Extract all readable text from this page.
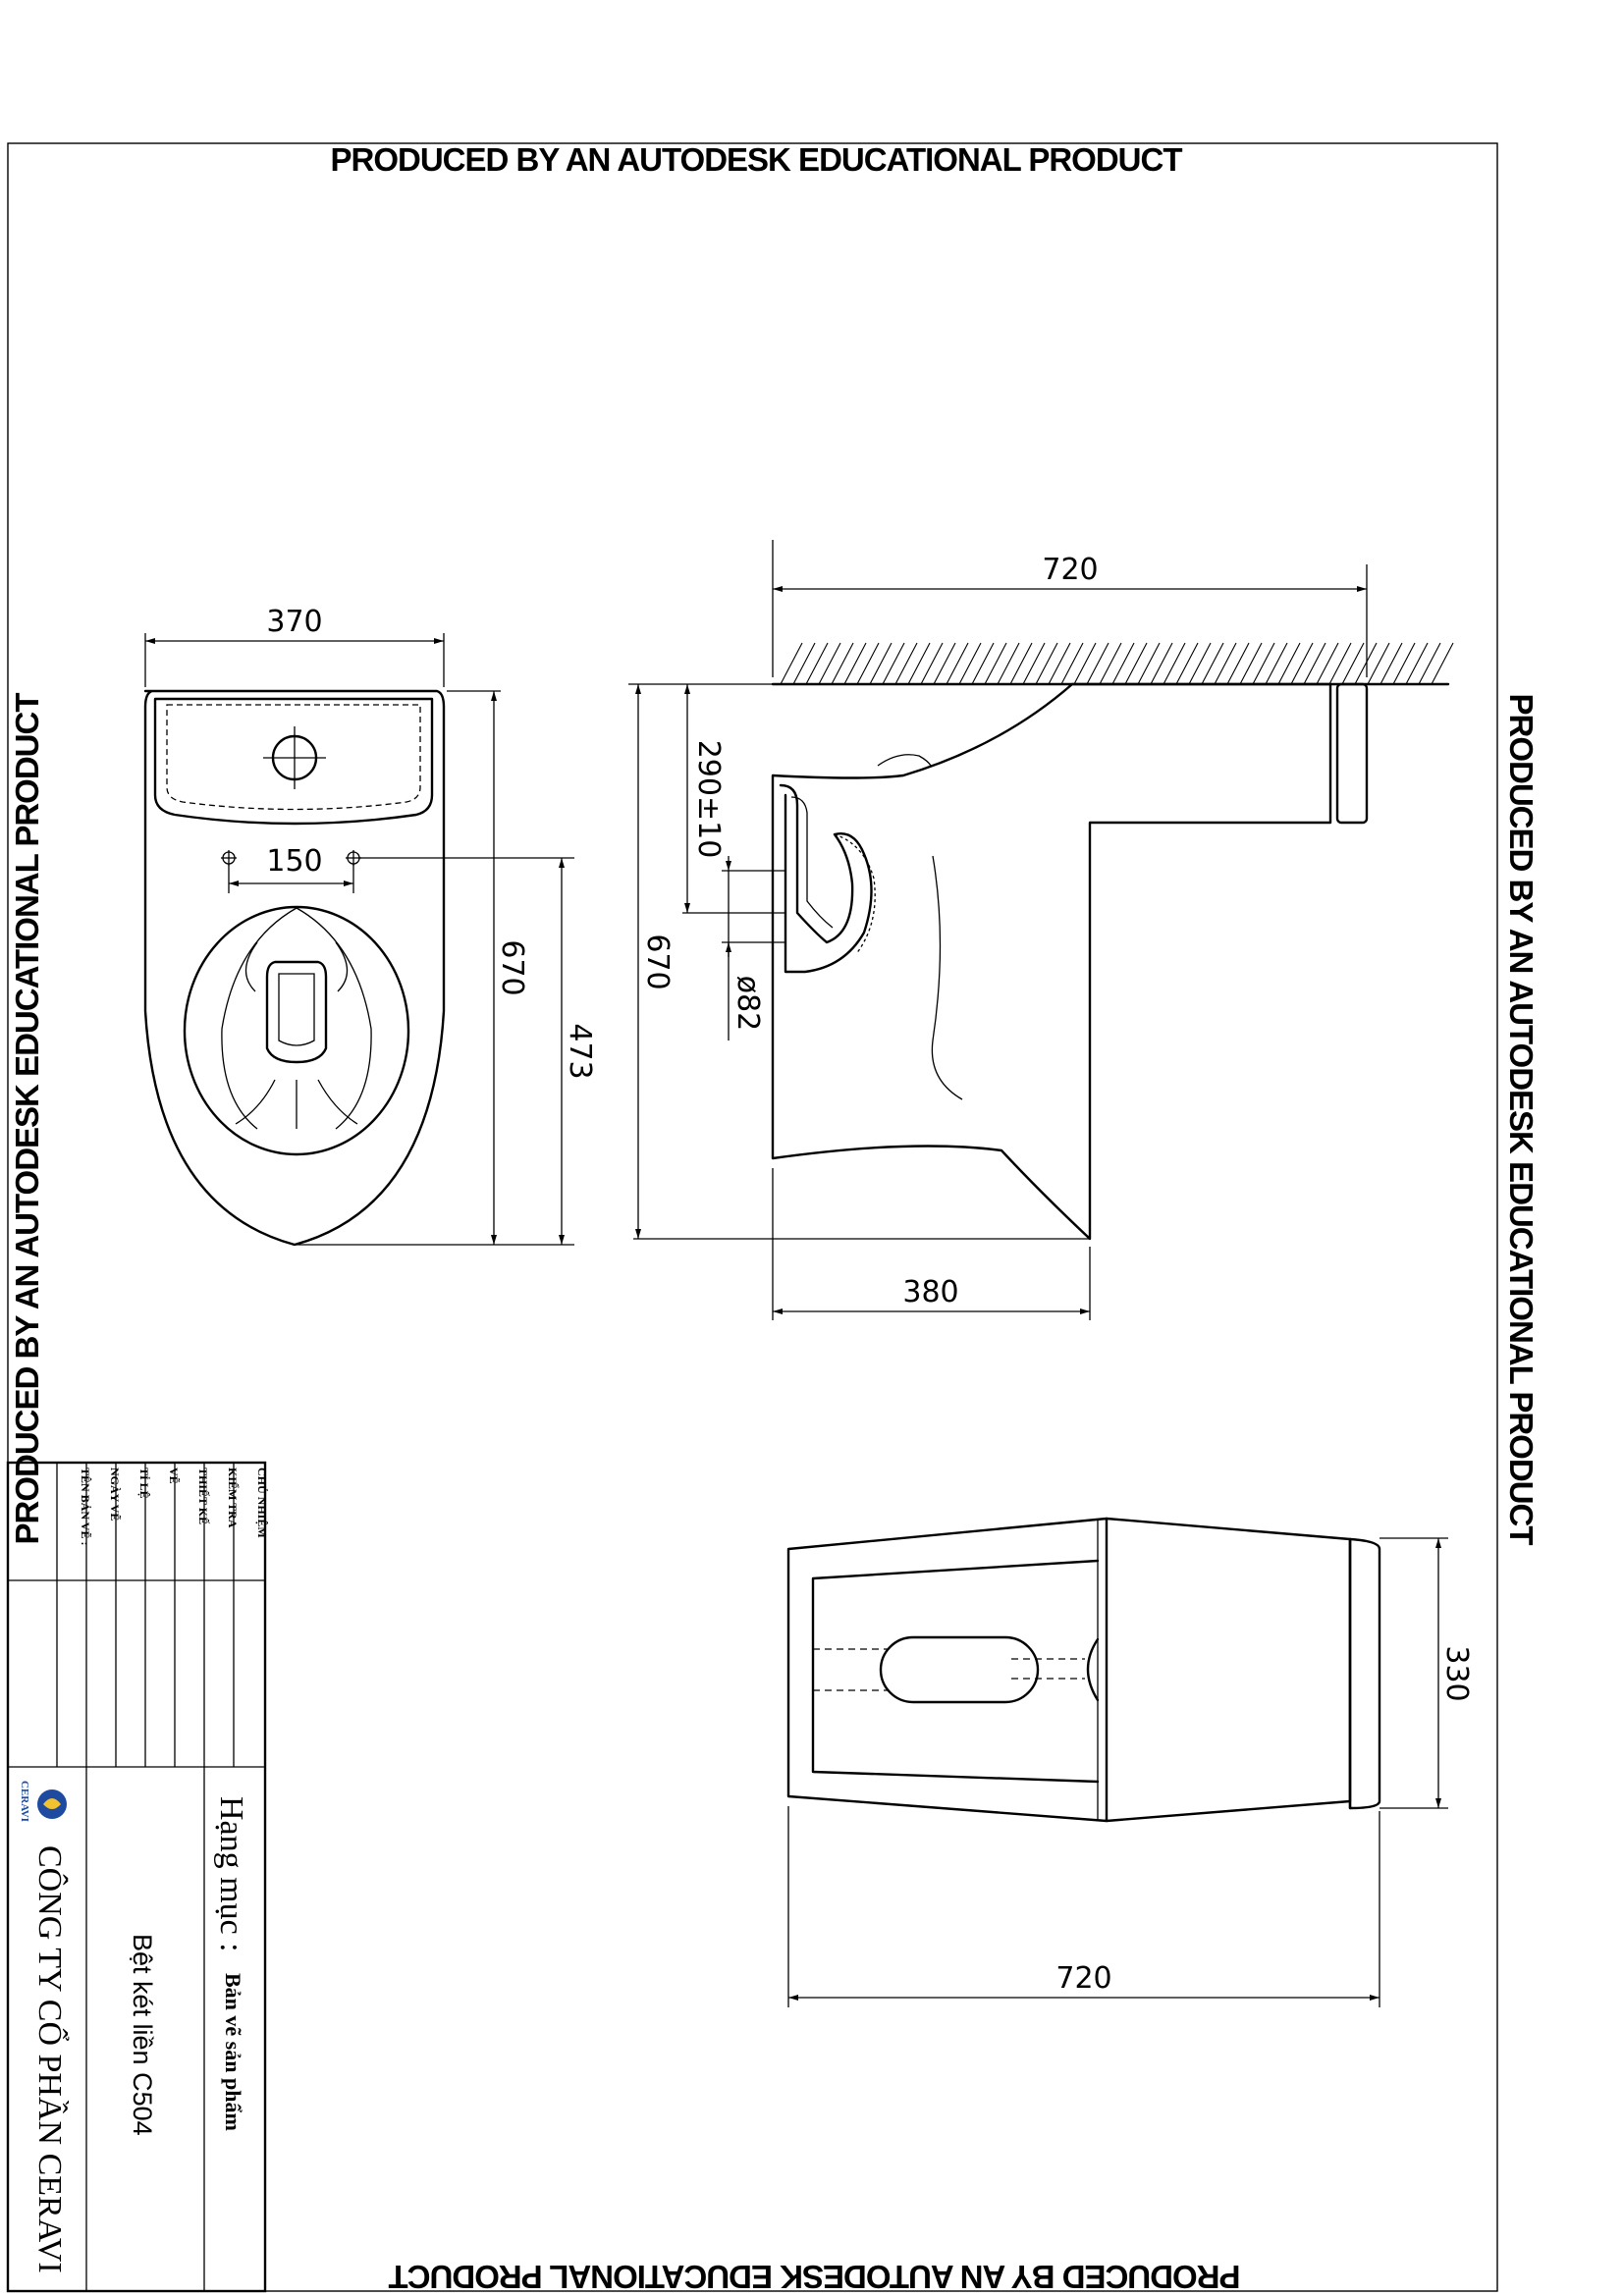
PRODUCED BY AN AUTODESK EDUCATIONAL PRODUCT
PRODUCED BY AN AUTODESK EDUCATIONAL PRODUCT
PRODUCED BY AN AUTODESK EDUCATIONAL PRODUCT	PRODUCED BY AN AUTODESK EDUCATIONAL PRODUCT
370
150
670
473
720
670
290±10
ø82
380
330
720
CHỦ NHIỆM
KIỂM TRA
THIẾT KẾ
VẼ
TỈ LỆ
NGÀY VẼ
TÊN BẢN VẼ :
Hạng mục :
Bản vẽ sản phẩm
Bệt két liền C504
CÔNG TY CỔ PHẦN CERAVI
CERAVI
